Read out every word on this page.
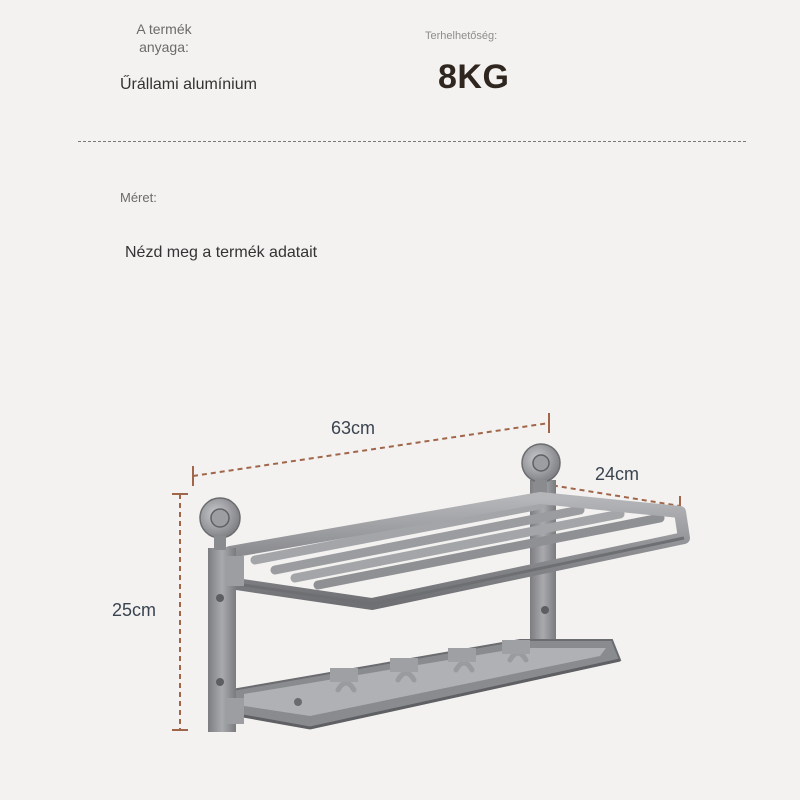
A termék anyaga:
Űrállami alumínium
Terhelhetőség:
8KG
Méret:
Nézd meg a termék adatait
63cm
24cm
25cm
